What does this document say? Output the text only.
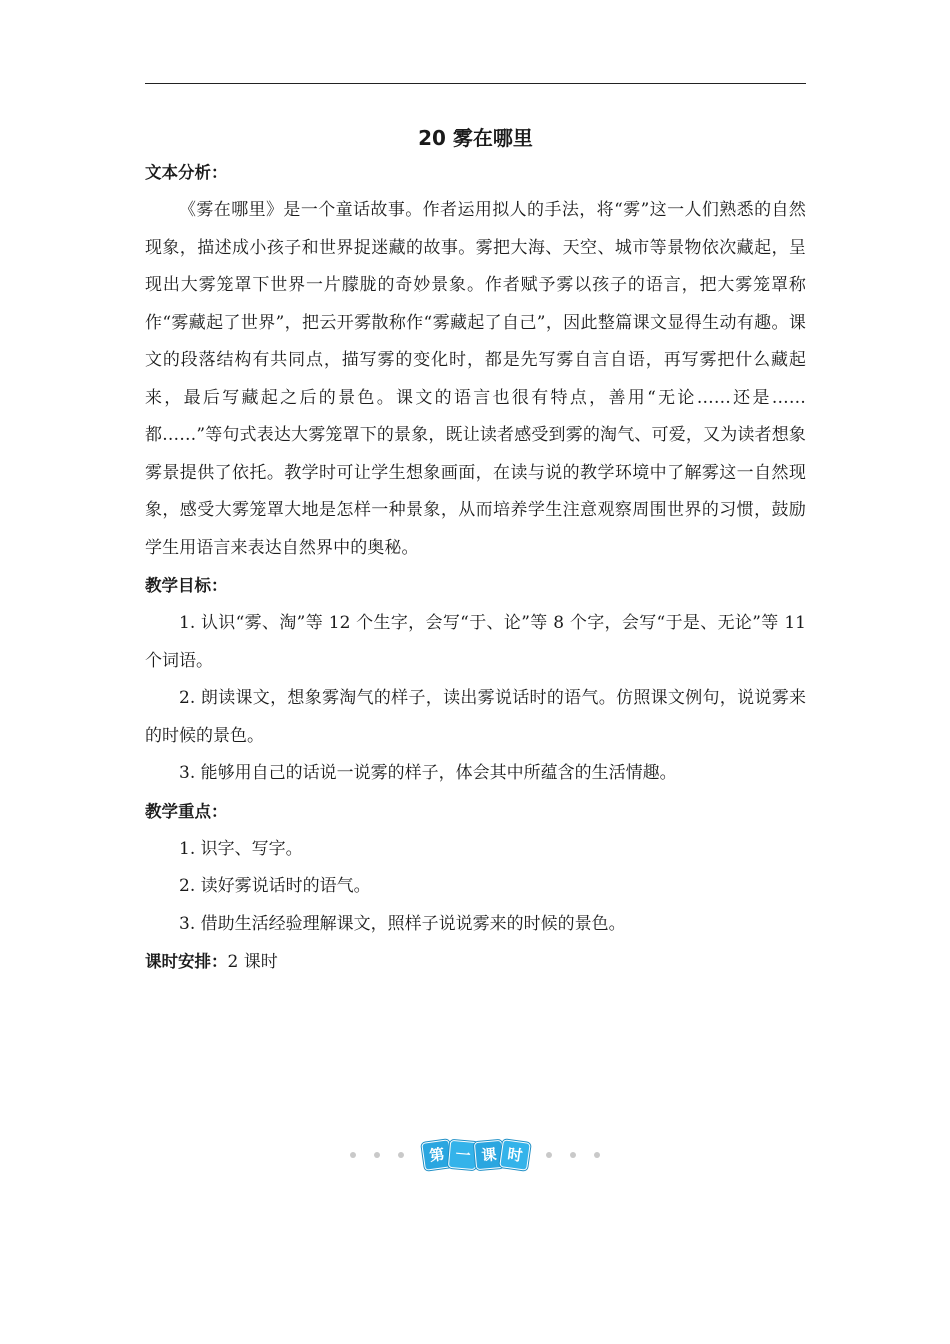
20 雾在哪里
文本分析：

《雾在哪里》是一个童话故事。作者运用拟人的手法，将“雾”这一人们熟悉的自然现象，描述成小孩子和世界捉迷藏的故事。雾把大海、天空、城市等景物依次藏起，呈现出大雾笼罩下世界一片朦胧的奇妙景象。作者赋予雾以孩子的语言，把大雾笼罩称作“雾藏起了世界”，把云开雾散称作“雾藏起了自己”，因此整篇课文显得生动有趣。课文的段落结构有共同点，描写雾的变化时，都是先写雾自言自语，再写雾把什么藏起来，最后写藏起之后的景色。课文的语言也很有特点，善用“无论……还是……都……”等句式表达大雾笼罩下的景象，既让读者感受到雾的淘气、可爱，又为读者想象雾景提供了依托。教学时可让学生想象画面，在读与说的教学环境中了解雾这一自然现象，感受大雾笼罩大地是怎样一种景象，从而培养学生注意观察周围世界的习惯，鼓励学生用语言来表达自然界中的奥秘。

教学目标：

1. 认识“雾、淘”等 12 个生字，会写“于、论”等 8 个字，会写“于是、无论”等 11 个词语。

2. 朗读课文，想象雾淘气的样子，读出雾说话时的语气。仿照课文例句，说说雾来的时候的景色。

3. 能够用自己的话说一说雾的样子，体会其中所蕴含的生活情趣。

教学重点：

1. 识字、写字。

2. 读好雾说话时的语气。

3. 借助生活经验理解课文，照样子说说雾来的时候的景色。

课时安排：2 课时
第 一 课 时
